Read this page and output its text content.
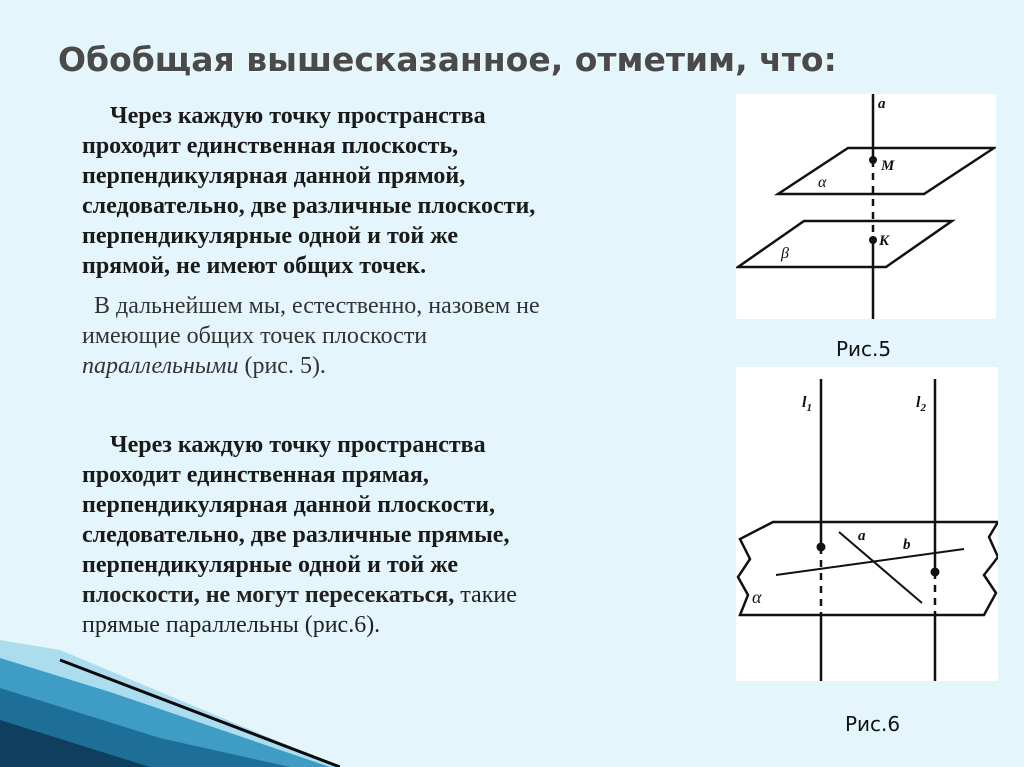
Обобщая вышесказанное, отметим, что:
Через каждую точку пространства
проходит единственная плоскость,
перпендикулярная данной прямой,
следовательно, две различные плоскости,
перпендикулярные одной и той же
прямой, не имеют общих точек.
В дальнейшем мы, естественно, назовем не
имеющие общих точек плоскости
параллельными (рис. 5).
Через каждую точку пространства
проходит единственная прямая,
перпендикулярная данной плоскости,
следовательно, две различные прямые,
перпендикулярные одной и той же
плоскости, не могут пересекаться, такие
прямые параллельны (рис.6).
a
M
K
α
β
Рис.5
$l_1$	$l_2$
a
b
α
Рис.6
